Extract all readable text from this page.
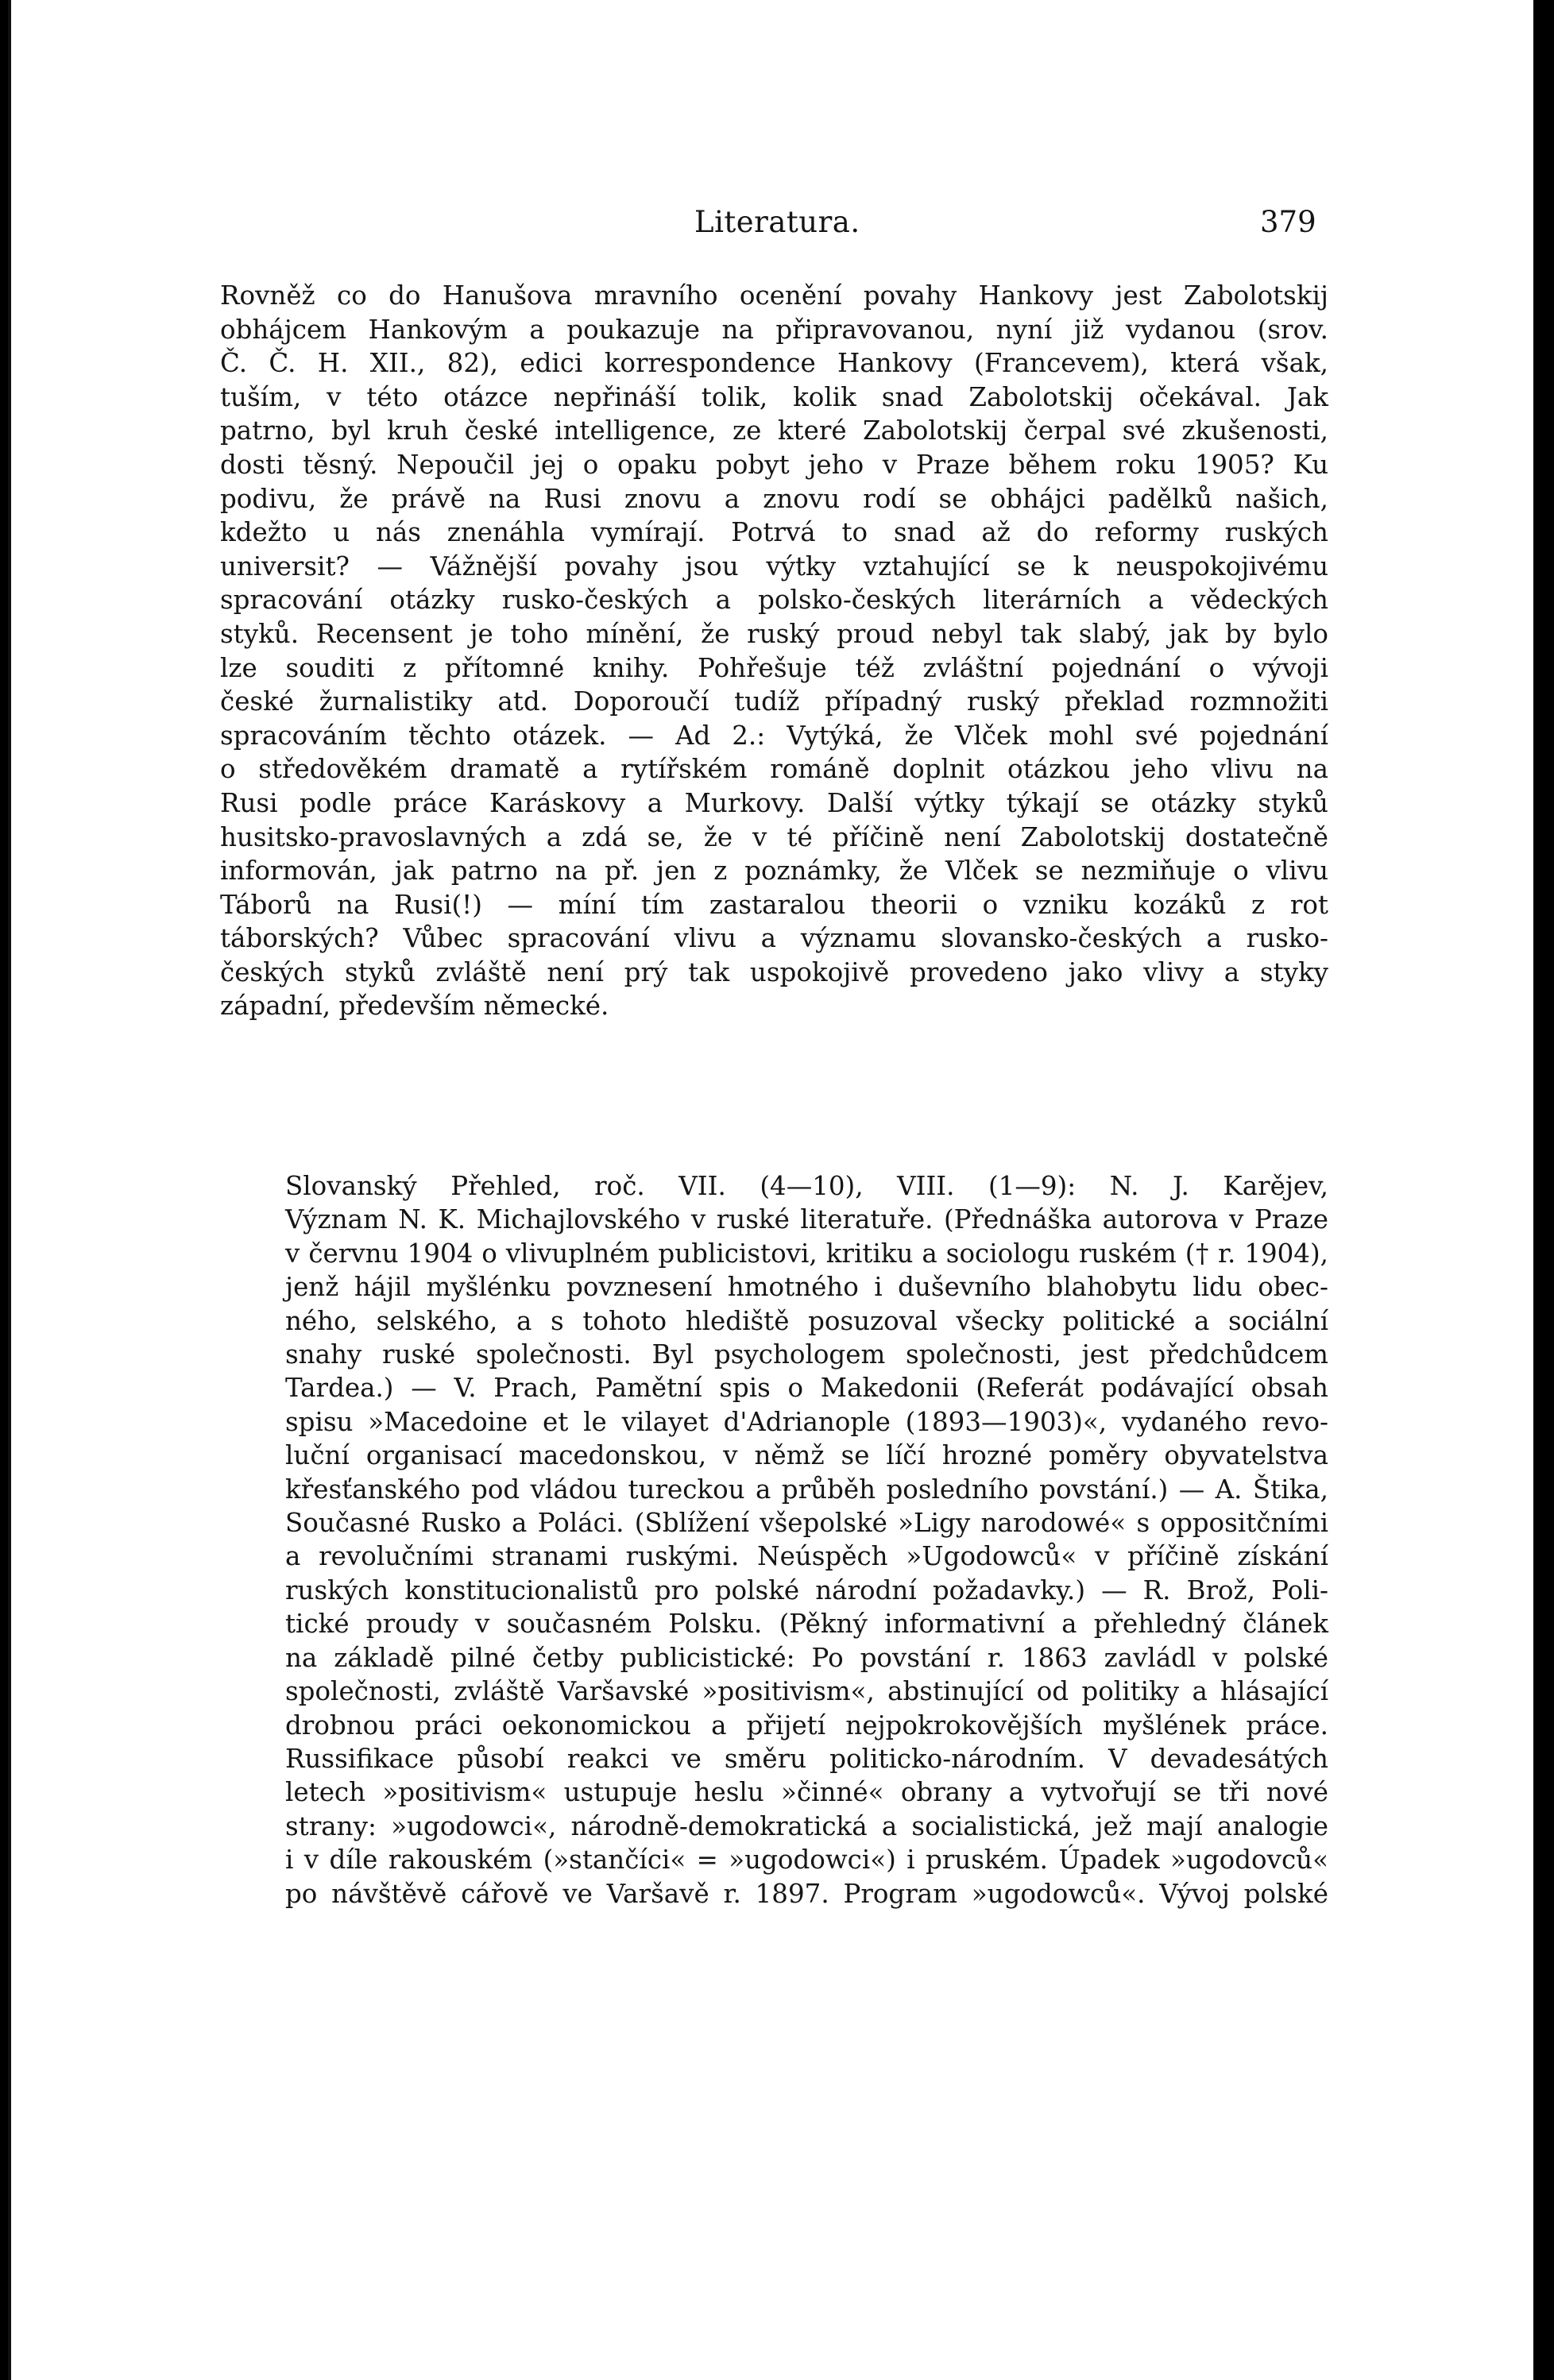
Literatura.	379
Rovněž co do Hanušova mravního ocenění povahy Hankovy jest Zabolotskij
obhájcem Hankovým a poukazuje na připravovanou, nyní již vydanou (srov.
Č. Č. H. XII., 82), edici korrespondence Hankovy (Francevem), která však,
tuším, v této otázce nepřináší tolik, kolik snad Zabolotskij očekával. Jak
patrno, byl kruh české intelligence, ze které Zabolotskij čerpal své zkušenosti,
dosti těsný. Nepoučil jej o opaku pobyt jeho v Praze během roku 1905? Ku
podivu, že právě na Rusi znovu a znovu rodí se obhájci padělků našich,
kdežto u nás znenáhla vymírají. Potrvá to snad až do reformy ruských
universit? — Vážnější povahy jsou výtky vztahující se k neuspokojivému
spracování otázky rusko-českých a polsko-českých literárních a vědeckých
styků. Recensent je toho mínění, že ruský proud nebyl tak slabý, jak by bylo
lze souditi z přítomné knihy. Pohřešuje též zvláštní pojednání o vývoji
české žurnalistiky atd. Doporoučí tudíž případný ruský překlad rozmnožiti
spracováním těchto otázek. — Ad 2.: Vytýká, že Vlček mohl své pojednání
o středověkém dramatě a rytířském románě doplnit otázkou jeho vlivu na
Rusi podle práce Karáskovy a Murkovy. Další výtky týkají se otázky styků
husitsko-pravoslavných a zdá se, že v té příčině není Zabolotskij dostatečně
informován, jak patrno na př. jen z poznámky, že Vlček se nezmiňuje o vlivu
Táborů na Rusi(!) — míní tím zastaralou theorii o vzniku kozáků z rot
táborských? Vůbec spracování vlivu a významu slovansko-českých a rusko-
českých styků zvláště není prý tak uspokojivě provedeno jako vlivy a styky
západní, především německé.
Slovanský Přehled, roč. VII. (4—10), VIII. (1—9): N. J. Karějev,
Význam N. K. Michajlovského v ruské literatuře. (Přednáška autorova v Praze
v červnu 1904 o vlivuplném publicistovi, kritiku a sociologu ruském († r. 1904),
jenž hájil myšlénku povznesení hmotného i duševního blahobytu lidu obec-
ného, selského, a s tohoto hlediště posuzoval všecky politické a sociální
snahy ruské společnosti. Byl psychologem společnosti, jest předchůdcem
Tardea.) — V. Prach, Pamětní spis o Makedonii (Referát podávající obsah
spisu »Macedoine et le vilayet d'Adrianople (1893—1903)«, vydaného revo-
luční organisací macedonskou, v němž se líčí hrozné poměry obyvatelstva
křesťanského pod vládou tureckou a průběh posledního povstání.) — A. Štika,
Současné Rusko a Poláci. (Sblížení všepolské »Ligy narodowé« s oppositčními
a revolučními stranami ruskými. Neúspěch »Ugodowců« v příčině získání
ruských konstitucionalistů pro polské národní požadavky.) — R. Brož, Poli-
tické proudy v současném Polsku. (Pěkný informativní a přehledný článek
na základě pilné četby publicistické: Po povstání r. 1863 zavládl v polské
společnosti, zvláště Varšavské »positivism«, abstinující od politiky a hlásající
drobnou práci oekonomickou a přijetí nejpokrokovějších myšlének práce.
Russifikace působí reakci ve směru politicko-národním. V devadesátých
letech »positivism« ustupuje heslu »činné« obrany a vytvořují se tři nové
strany: »ugodowci«, národně-demokratická a socialistická, jež mají analogie
i v díle rakouském (»stančíci« = »ugodowci«) i pruském. Úpadek »ugodovců«
po návštěvě cářově ve Varšavě r. 1897. Program »ugodowců«. Vývoj polské
